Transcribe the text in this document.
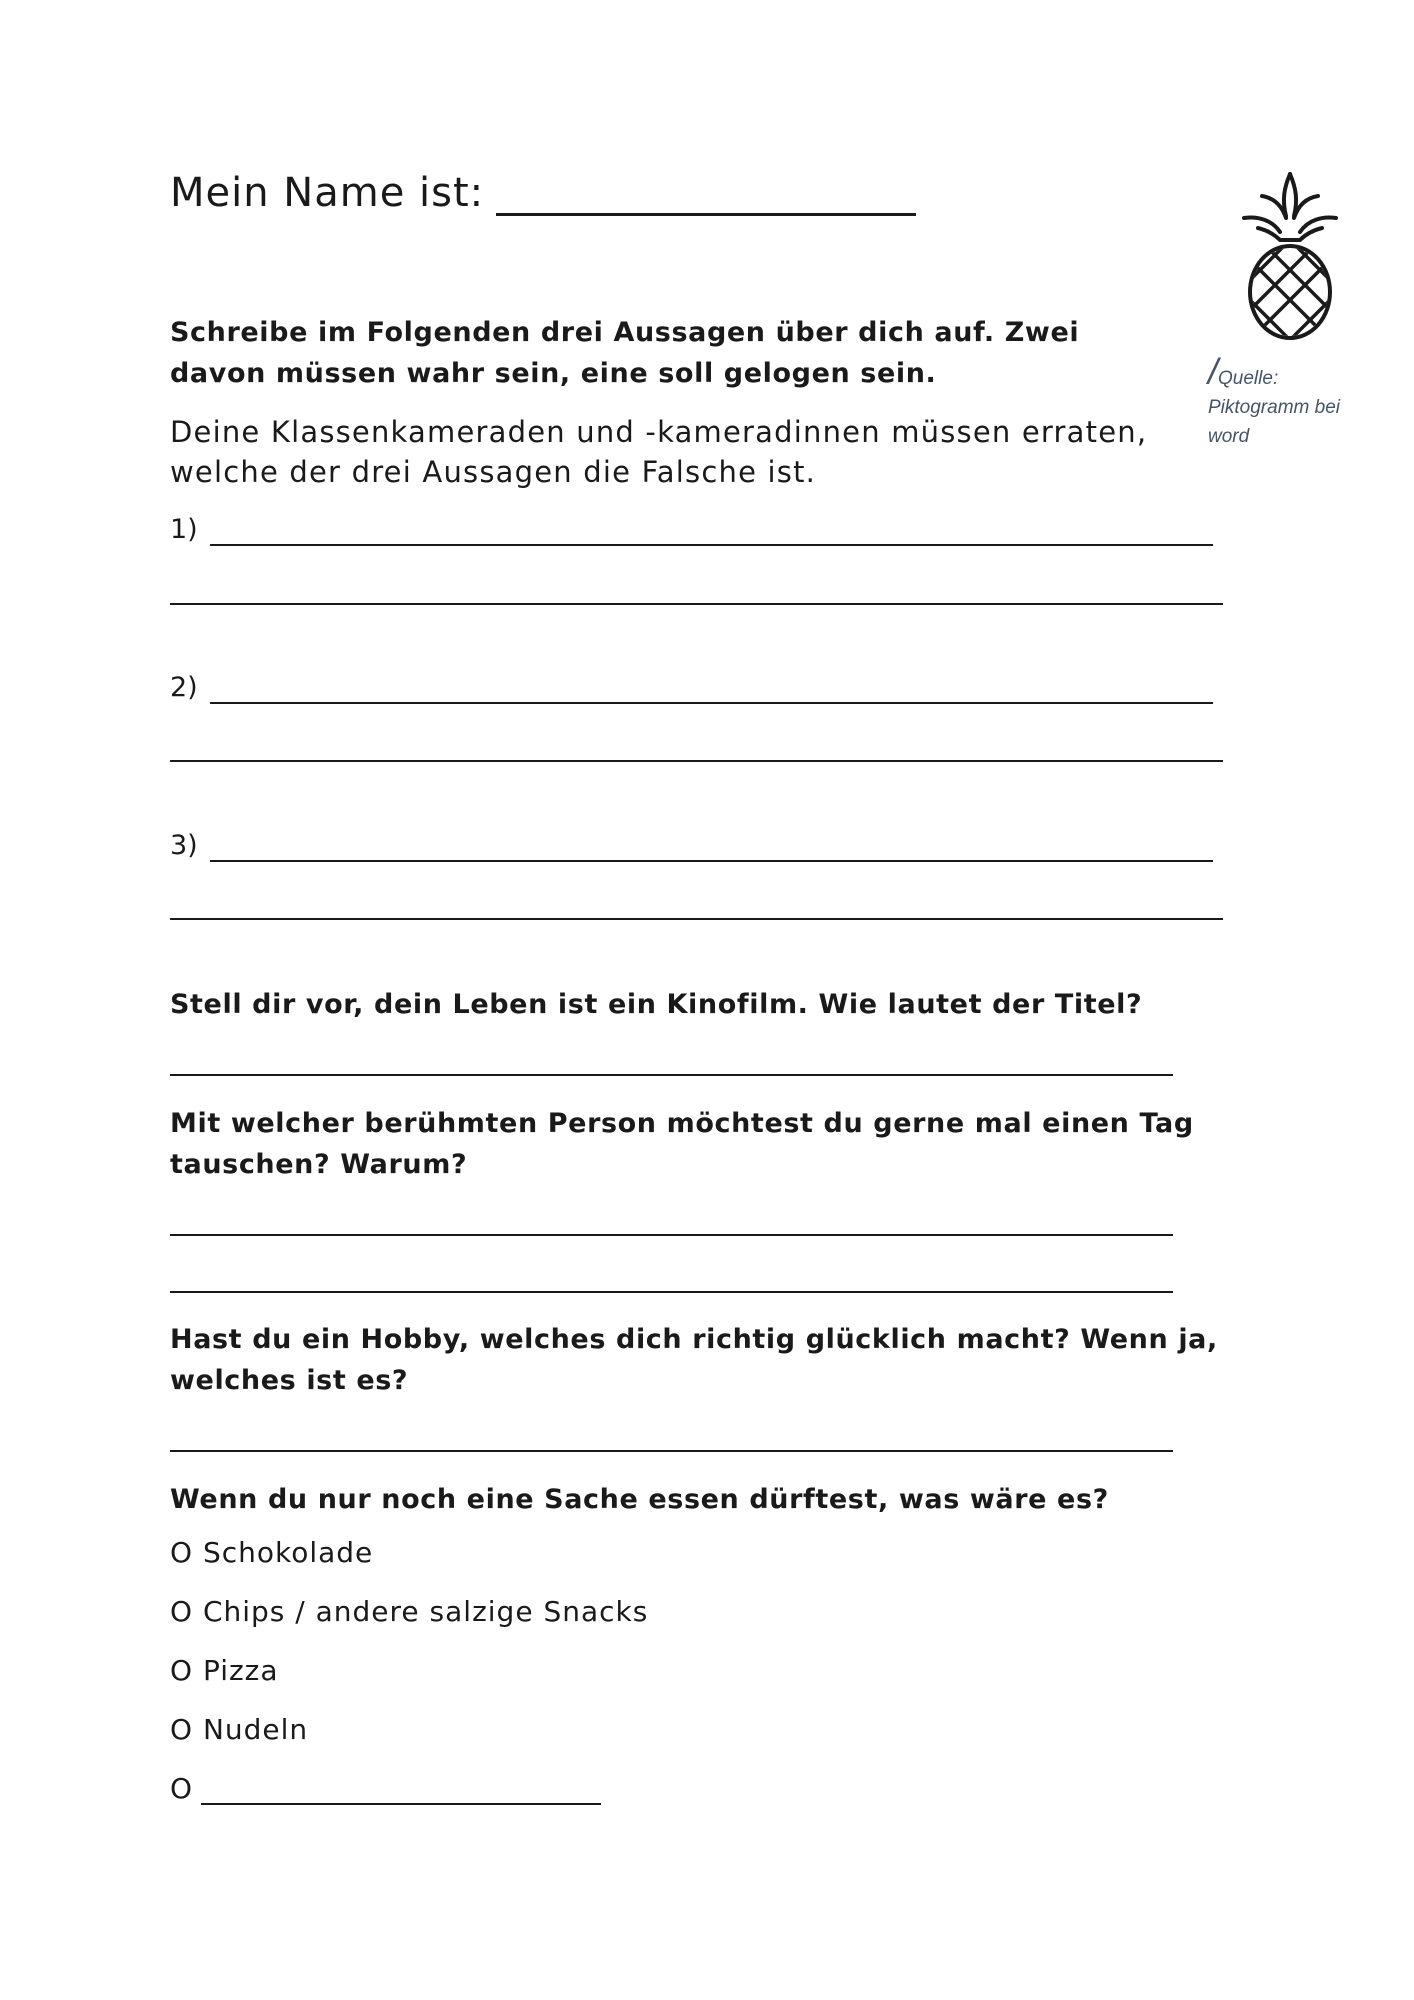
Mein Name ist:
/Quelle:
Piktogramm bei word
Schreibe im Folgenden drei Aussagen über dich auf. Zwei davon müssen wahr sein, eine soll gelogen sein.
Deine Klassenkameraden und -kameradinnen müssen erraten, welche der drei Aussagen die Falsche ist.
1)
2)
3)
Stell dir vor, dein Leben ist ein Kinofilm. Wie lautet der Titel?
Mit welcher berühmten Person möchtest du gerne mal einen Tag tauschen? Warum?
Hast du ein Hobby, welches dich richtig glücklich macht? Wenn ja, welches ist es?
Wenn du nur noch eine Sache essen dürftest, was wäre es?
O Schokolade
O Chips / andere salzige Snacks
O Pizza
O Nudeln
O
